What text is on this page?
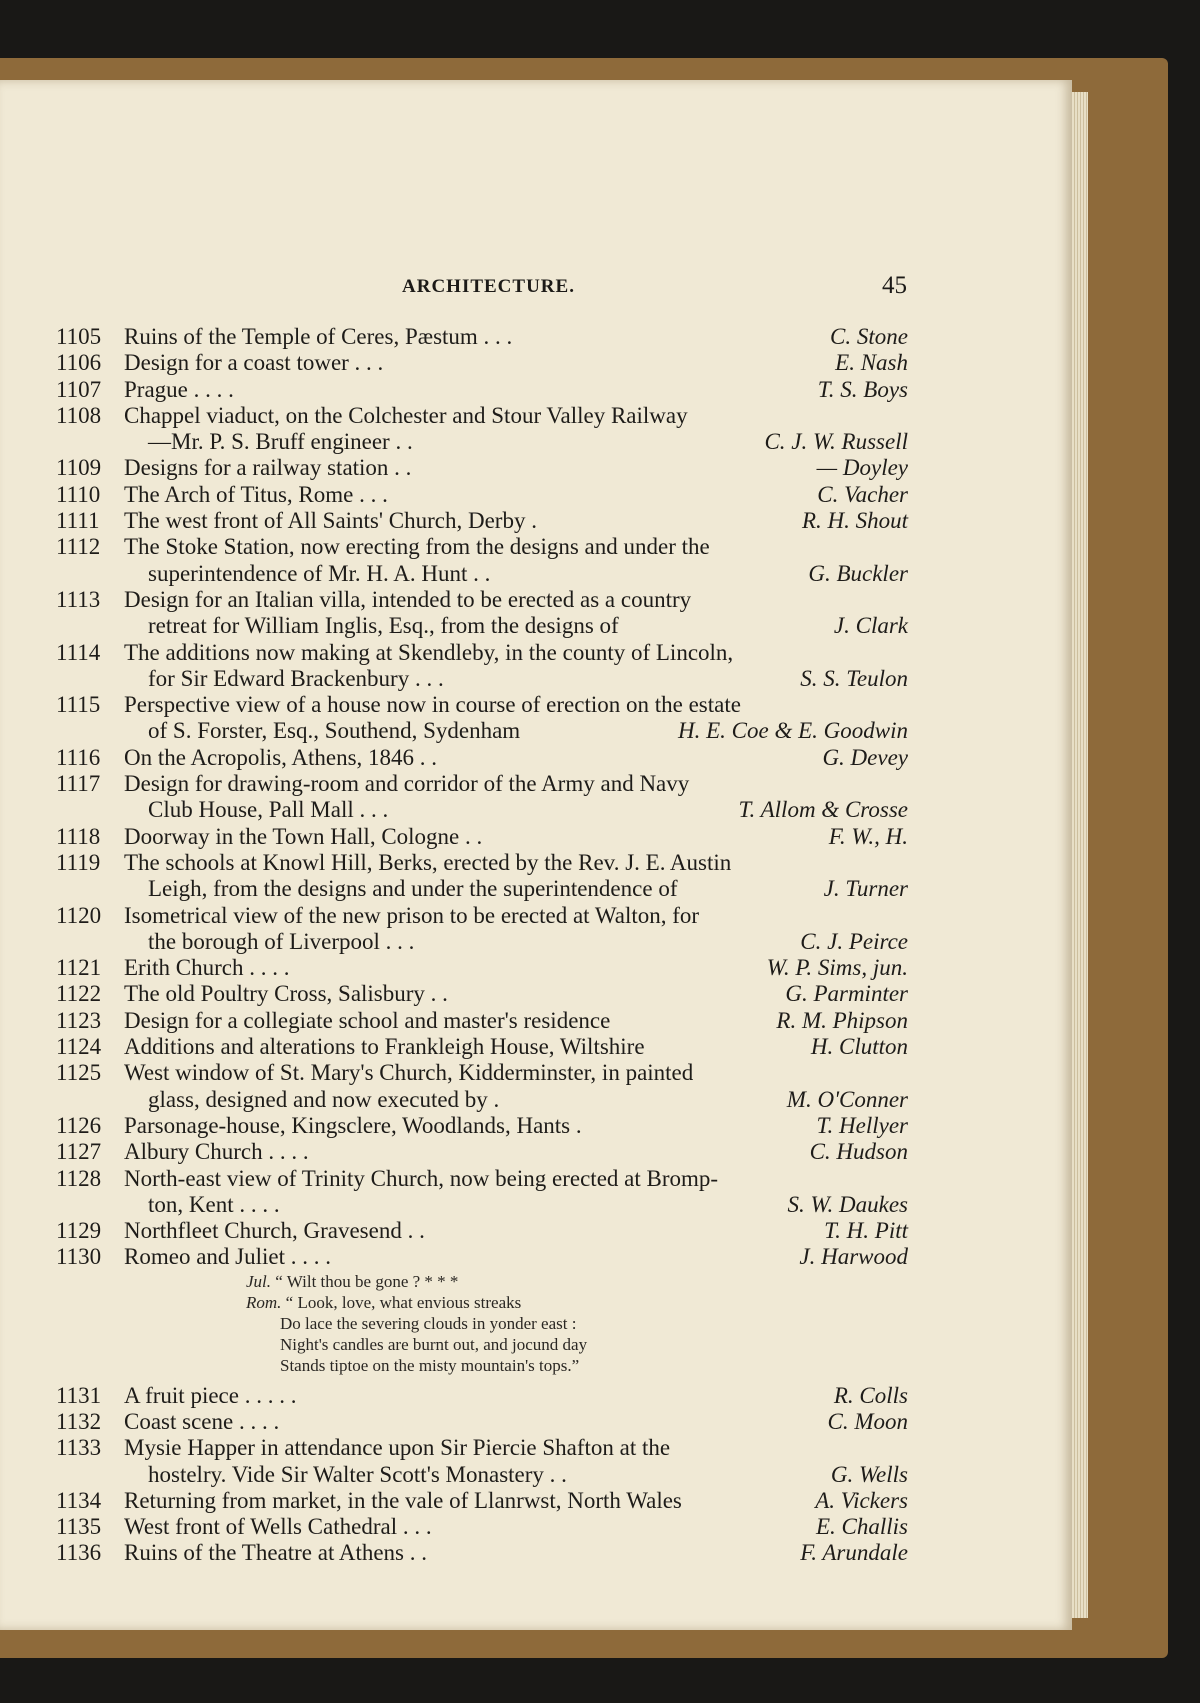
ARCHITECTURE.	45
1105 Ruins of the Temple of Ceres, Pæstum . . .	C. Stone
1106 Design for a coast tower . . .	E. Nash
1107 Prague . . . .	T. S. Boys
1108 Chappel viaduct, on the Colchester and Stour Valley Railway
—Mr. P. S. Bruff engineer . .	C. J. W. Russell
1109 Designs for a railway station . .	— Doyley
1110	The Arch of Titus, Rome . . .	C. Vacher
1111	The west front of All Saints' Church, Derby .	R. H. Shout
1112	The Stoke Station, now erecting from the designs and under the
superintendence of Mr. H. A. Hunt . .	G. Buckler
1113	Design for an Italian villa, intended to be erected as a country
retreat for William Inglis, Esq., from the designs of	J. Clark
1114	The additions now making at Skendleby, in the county of Lincoln,
for Sir Edward Brackenbury . . .	S. S. Teulon
1115	Perspective view of a house now in course of erection on the estate
of S. Forster, Esq., Southend, Sydenham	H. E. Coe & E. Goodwin
1116	On the Acropolis, Athens, 1846 . .	G. Devey
1117	Design for drawing-room and corridor of the Army and Navy
Club House, Pall Mall . . .	T. Allom & Crosse
1118	Doorway in the Town Hall, Cologne . .	F. W., H.
1119	The schools at Knowl Hill, Berks, erected by the Rev. J. E. Austin
Leigh, from the designs and under the superintendence of	J. Turner
1120 Isometrical view of the new prison to be erected at Walton, for
the borough of Liverpool . . .	C. J. Peirce
1121 Erith Church . . . .	W. P. Sims, jun.
1122 The old Poultry Cross, Salisbury . .	G. Parminter
1123 Design for a collegiate school and master's residence	R. M. Phipson
1124 Additions and alterations to Frankleigh House, Wiltshire	H. Clutton
1125 West window of St. Mary's Church, Kidderminster, in painted
glass, designed and now executed by .	M. O'Conner
1126 Parsonage-house, Kingsclere, Woodlands, Hants .	T. Hellyer
1127 Albury Church . . . .	C. Hudson
1128 North-east view of Trinity Church, now being erected at Bromp-
ton, Kent . . . .	S. W. Daukes
1129 Northfleet Church, Gravesend . .	T. H. Pitt
1130 Romeo and Juliet . . . .	J. Harwood
Jul. “ Wilt thou be gone ? * * *
Rom. “ Look, love, what envious streaks
Do lace the severing clouds in yonder east :
Night's candles are burnt out, and jocund day
Stands tiptoe on the misty mountain's tops.”
1131 A fruit piece . . . . .	R. Colls
1132 Coast scene . . . .	C. Moon
1133 Mysie Happer in attendance upon Sir Piercie Shafton at the
hostelry. Vide Sir Walter Scott's Monastery . .	G. Wells
1134 Returning from market, in the vale of Llanrwst, North Wales	A. Vickers
1135 West front of Wells Cathedral . . .	E. Challis
1136 Ruins of the Theatre at Athens . .	F. Arundale
